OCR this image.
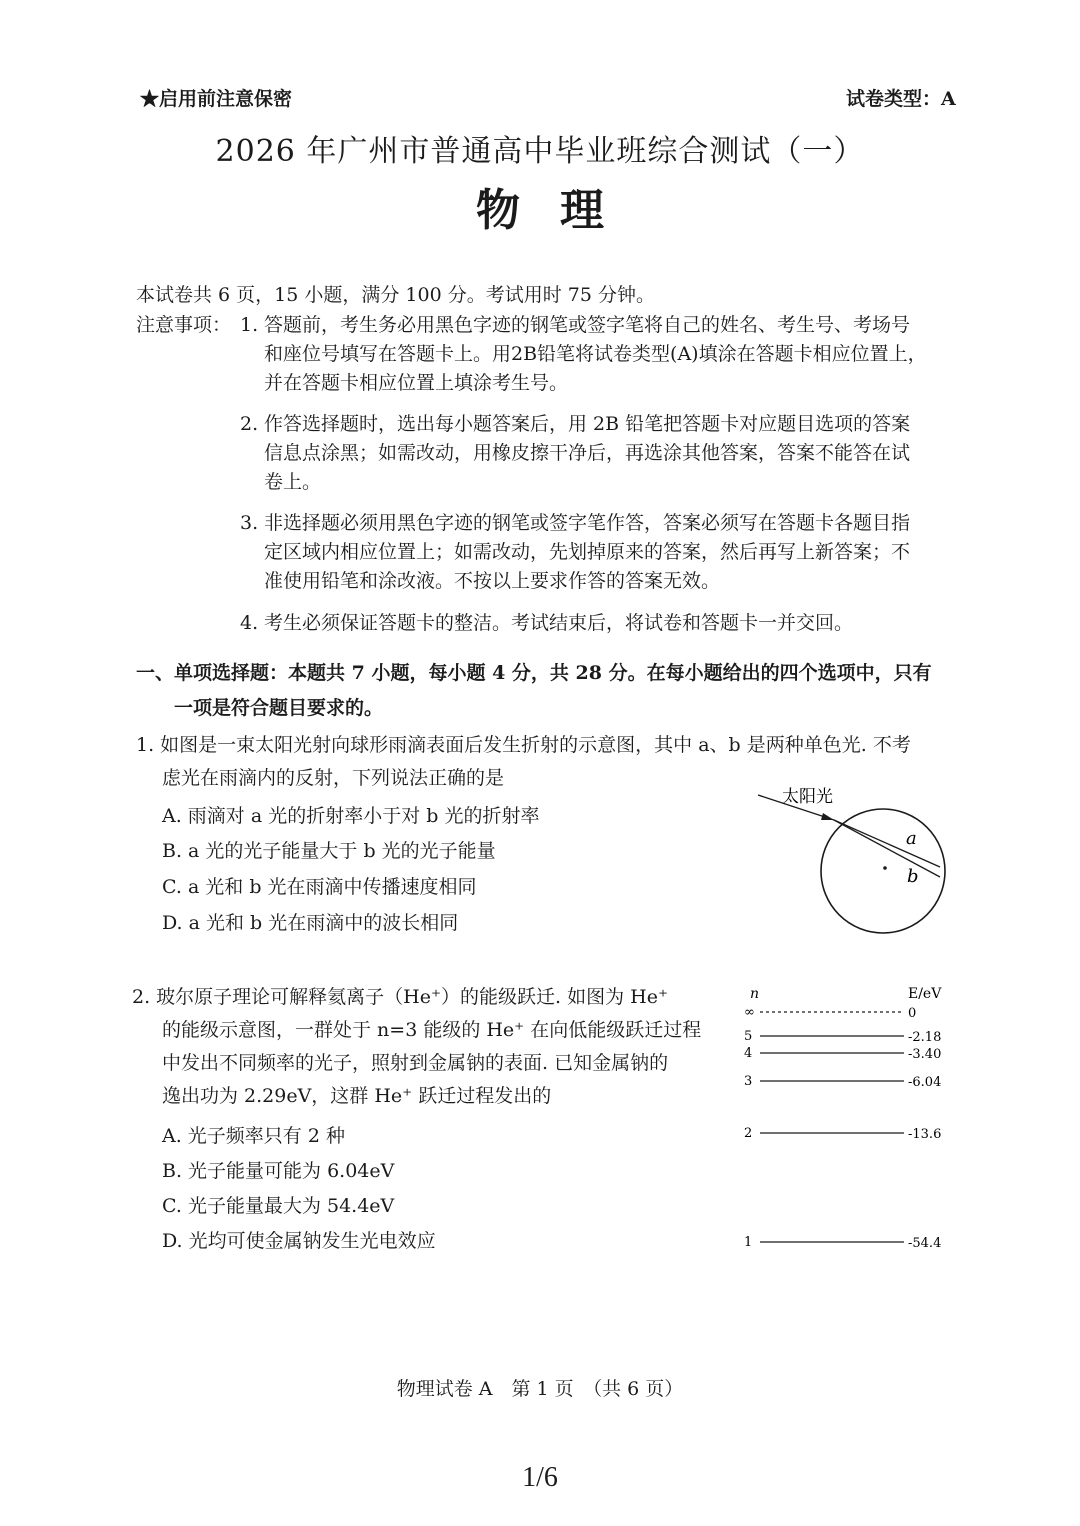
★启用前注意保密	试卷类型：A
2026 年广州市普通高中毕业班综合测试（一）
物理
本试卷共 6 页，15 小题，满分 100 分。考试用时 75 分钟。
注意事项： 1. 答题前，考生务必用黑色字迹的钢笔或签字笔将自己的姓名、考生号、考场号
和座位号填写在答题卡上。用2B铅笔将试卷类型(A)填涂在答题卡相应位置上，
并在答题卡相应位置上填涂考生号。
2. 作答选择题时，选出每小题答案后，用 2B 铅笔把答题卡对应题目选项的答案
信息点涂黑；如需改动，用橡皮擦干净后，再选涂其他答案，答案不能答在试
卷上。
3. 非选择题必须用黑色字迹的钢笔或签字笔作答，答案必须写在答题卡各题目指
定区域内相应位置上；如需改动，先划掉原来的答案，然后再写上新答案；不
准使用铅笔和涂改液。不按以上要求作答的答案无效。
4. 考生必须保证答题卡的整洁。考试结束后，将试卷和答题卡一并交回。
一、单项选择题：本题共 7 小题，每小题 4 分，共 28 分。在每小题给出的四个选项中，只有
一项是符合题目要求的。
1. 如图是一束太阳光射向球形雨滴表面后发生折射的示意图，其中 a、b 是两种单色光. 不考
虑光在雨滴内的反射，下列说法正确的是
A. 雨滴对 a 光的折射率小于对 b 光的折射率
B. a 光的光子能量大于 b 光的光子能量
C. a 光和 b 光在雨滴中传播速度相同
D. a 光和 b 光在雨滴中的波长相同
太阳光
a
b
2. 玻尔原子理论可解释氦离子（He⁺）的能级跃迁. 如图为 He⁺
的能级示意图，一群处于 n=3 能级的 He⁺ 在向低能级跃迁过程
中发出不同频率的光子，照射到金属钠的表面. 已知金属钠的
逸出功为 2.29eV，这群 He⁺ 跃迁过程发出的
A. 光子频率只有 2 种
B. 光子能量可能为 6.04eV
C. 光子能量最大为 54.4eV
D. 光均可使金属钠发生光电效应
n	E/eV
∞	0
5	-2.18
4	-3.40
3	-6.04
2	-13.6
1	-54.4
物理试卷 A　第 1 页　（共 6 页）
1/6
